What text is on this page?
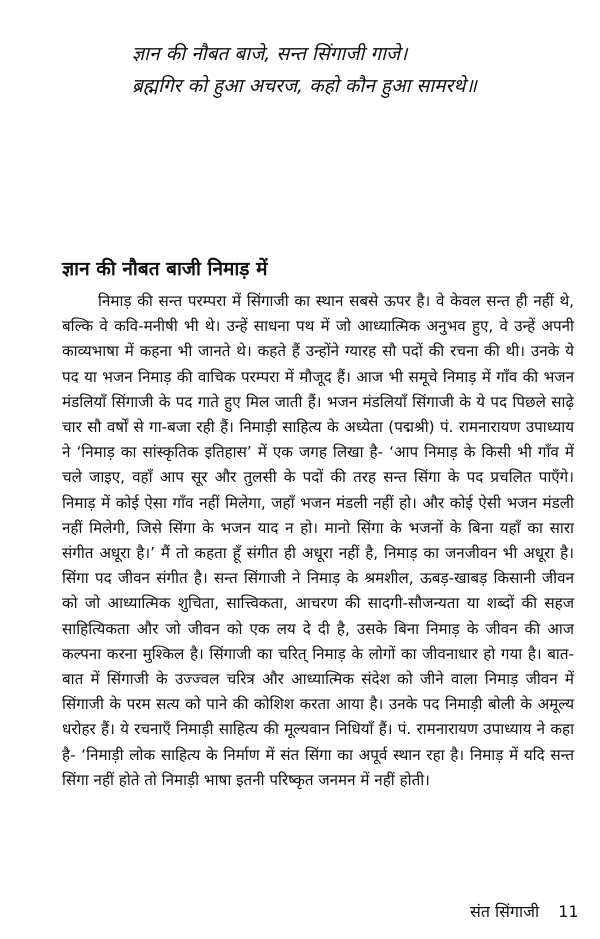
ज्ञान की नौबत बाजे, सन्त सिंगाजी गाजे।
ब्रह्मगिर को हुआ अचरज, कहो कौन हुआ सामरथे॥
ज्ञान की नौबत बाजी निमाड़ में

निमाड़ की सन्त परम्परा में सिंगाजी का स्थान सबसे ऊपर है। वे केवल सन्त ही नहीं थे, बल्कि वे कवि-मनीषी भी थे। उन्हें साधना पथ में जो आध्यात्मिक अनुभव हुए, वे उन्हें अपनी काव्यभाषा में कहना भी जानते थे। कहते हैं उन्होंने ग्यारह सौ पदों की रचना की थी। उनके ये पद या भजन निमाड़ की वाचिक परम्परा में मौजूद हैं। आज भी समूचे निमाड़ में गाँव की भजन मंडलियाँ सिंगाजी के पद गाते हुए मिल जाती हैं। भजन मंडलियाँ सिंगाजी के ये पद पिछले साढ़े चार सौ वर्षों से गा-बजा रही हैं। निमाड़ी साहित्य के अध्येता (पद्मश्री) पं. रामनारायण उपाध्याय ने ‘निमाड़ का सांस्कृतिक इतिहास’ में एक जगह लिखा है- ‘आप निमाड़ के किसी भी गाँव में चले जाइए, वहाँ आप सूर और तुलसी के पदों की तरह सन्त सिंगा के पद प्रचलित पाएँगे। निमाड़ में कोई ऐसा गाँव नहीं मिलेगा, जहाँ भजन मंडली नहीं हो। और कोई ऐसी भजन मंडली नहीं मिलेगी, जिसे सिंगा के भजन याद न हो। मानो सिंगा के भजनों के बिना यहाँ का सारा संगीत अधूरा है।’ मैं तो कहता हूँ संगीत ही अधूरा नहीं है, निमाड़ का जनजीवन भी अधूरा है। सिंगा पद जीवन संगीत है। सन्त सिंगाजी ने निमाड़ के श्रमशील, ऊबड़-खाबड़ किसानी जीवन को जो आध्यात्मिक शुचिता, सात्त्विकता, आचरण की सादगी-सौजन्यता या शब्दों की सहज साहित्यिकता और जो जीवन को एक लय दे दी है, उसके बिना निमाड़ के जीवन की आज कल्पना करना मुश्किल है। सिंगाजी का चरित् निमाड़ के लोगों का जीवनाधार हो गया है। बात-बात में सिंगाजी के उज्ज्वल चरित्र और आध्यात्मिक संदेश को जीने वाला निमाड़ जीवन में सिंगाजी के परम सत्य को पाने की कोशिश करता आया है। उनके पद निमाड़ी बोली के अमूल्य धरोहर हैं। ये रचनाएँ निमाड़ी साहित्य की मूल्यवान निधियाँ हैं। पं. रामनारायण उपाध्याय ने कहा है- ‘निमाड़ी लोक साहित्य के निर्माण में संत सिंगा का अपूर्व स्थान रहा है। निमाड़ में यदि सन्त सिंगा नहीं होते तो निमाड़ी भाषा इतनी परिष्कृत जनमन में नहीं होती।

संत सिंगाजी 11
